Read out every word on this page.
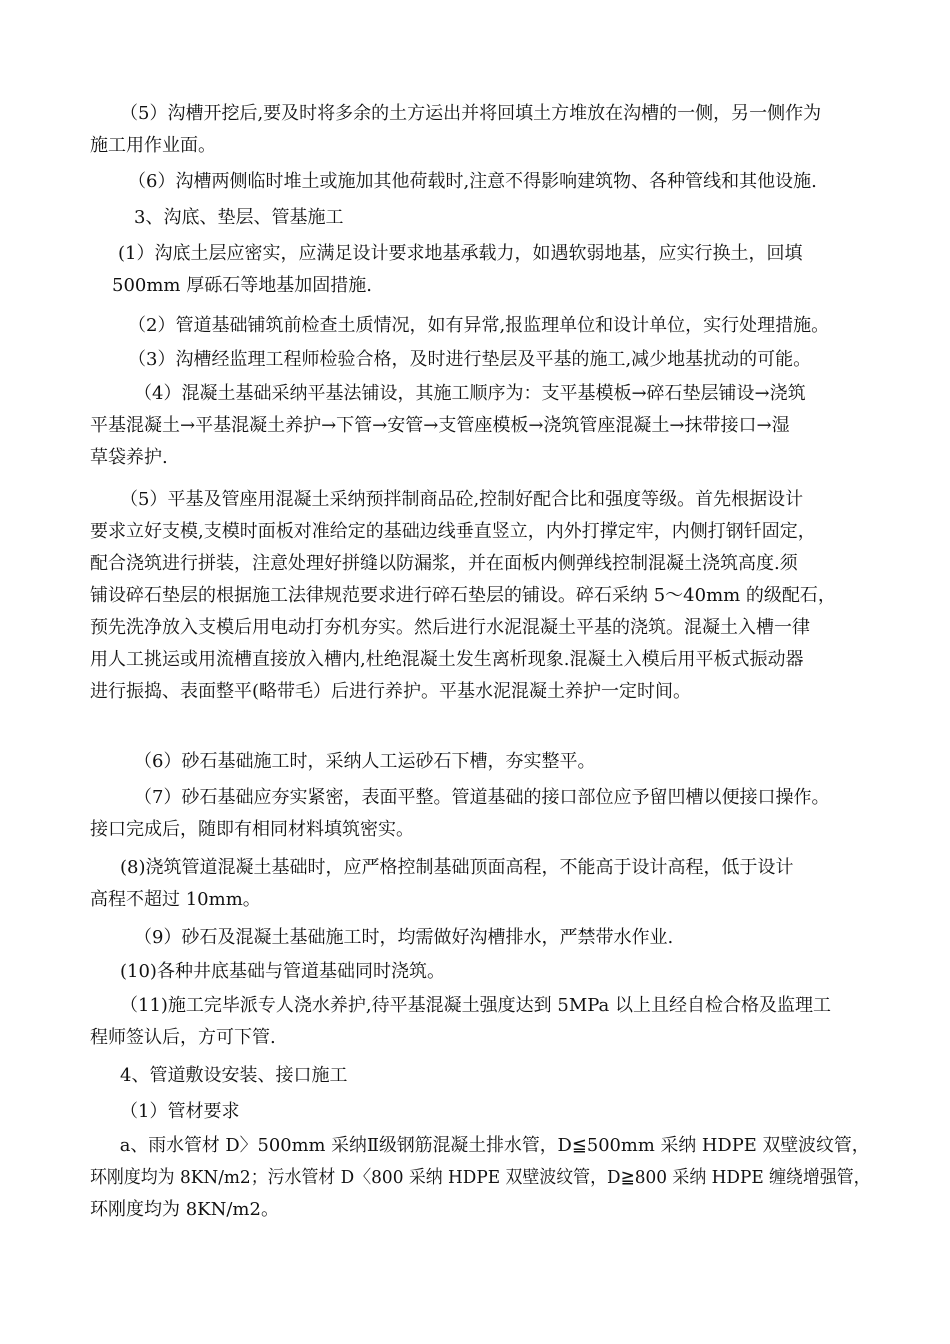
（5）沟槽开挖后,要及时将多余的土方运出并将回填土方堆放在沟槽的一侧，另一侧作为
施工用作业面。

（6）沟槽两侧临时堆土或施加其他荷载时,注意不得影响建筑物、各种管线和其他设施.

3、沟底、垫层、管基施工

(1）沟底土层应密实，应满足设计要求地基承载力，如遇软弱地基，应实行换土，回填
500mm 厚砾石等地基加固措施.

（2）管道基础铺筑前检查土质情况，如有异常,报监理单位和设计单位，实行处理措施。

（3）沟槽经监理工程师检验合格，及时进行垫层及平基的施工,减少地基扰动的可能。

（4）混凝土基础采纳平基法铺设，其施工顺序为：支平基模板→碎石垫层铺设→浇筑
平基混凝土→平基混凝土养护→下管→安管→支管座模板→浇筑管座混凝土→抹带接口→湿
草袋养护.

（5）平基及管座用混凝土采纳预拌制商品砼,控制好配合比和强度等级。首先根据设计
要求立好支模,支模时面板对准给定的基础边线垂直竖立，内外打撑定牢，内侧打钢钎固定，
配合浇筑进行拼装，注意处理好拼缝以防漏浆，并在面板内侧弹线控制混凝土浇筑高度.须
铺设碎石垫层的根据施工法律规范要求进行碎石垫层的铺设。碎石采纳 5～40mm 的级配石，
预先洗净放入支模后用电动打夯机夯实。然后进行水泥混凝土平基的浇筑。混凝土入槽一律
用人工挑运或用流槽直接放入槽内,杜绝混凝土发生离析现象.混凝土入模后用平板式振动器
进行振捣、表面整平(略带毛）后进行养护。平基水泥混凝土养护一定时间。

（6）砂石基础施工时，采纳人工运砂石下槽，夯实整平。

（7）砂石基础应夯实紧密，表面平整。管道基础的接口部位应予留凹槽以便接口操作。
接口完成后，随即有相同材料填筑密实。

(8)浇筑管道混凝土基础时，应严格控制基础顶面高程，不能高于设计高程，低于设计
高程不超过 10mm。

（9）砂石及混凝土基础施工时，均需做好沟槽排水，严禁带水作业.

(10)各种井底基础与管道基础同时浇筑。

（11)施工完毕派专人浇水养护,待平基混凝土强度达到 5MPa 以上且经自检合格及监理工
程师签认后，方可下管.

4、管道敷设安装、接口施工

（1）管材要求

a、雨水管材 D〉500mm 采纳Ⅱ级钢筋混凝土排水管，D≦500mm 采纳 HDPE 双壁波纹管，
环刚度均为 8KN/m2；污水管材 D〈800 采纳 HDPE 双壁波纹管，D≧800 采纳 HDPE 缠绕增强管，
环刚度均为 8KN/m2。
